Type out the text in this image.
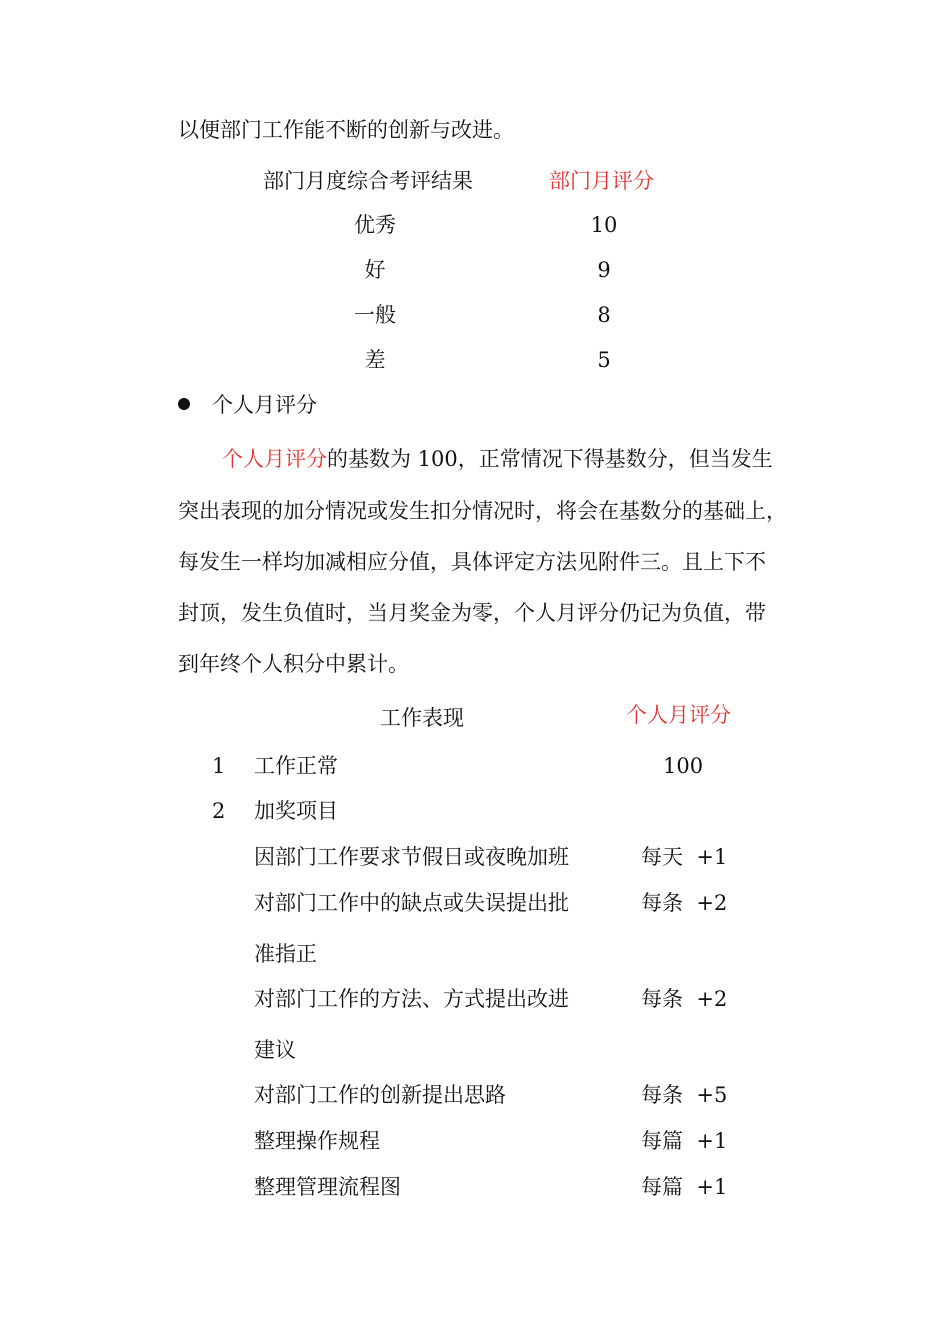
以便部门工作能不断的创新与改进。
部门月度综合考评结果	部门月评分
优秀	10
好	9
一般	8
差	5
个人月评分
个人月评分的基数为 100，正常情况下得基数分，但当发生
突出表现的加分情况或发生扣分情况时，将会在基数分的基础上，
每发生一样均加减相应分值，具体评定方法见附件三。且上下不
封顶，发生负值时，当月奖金为零，个人月评分仍记为负值，带
到年终个人积分中累计。
工作表现	个人月评分
1 工作正常	100
2 加奖项目
因部门工作要求节假日或夜晚加班	每天  +1
对部门工作中的缺点或失误提出批	每条  +2
准指正
对部门工作的方法、方式提出改进	每条  +2
建议
对部门工作的创新提出思路	每条  +5
整理操作规程	每篇  +1
整理管理流程图	每篇  +1
